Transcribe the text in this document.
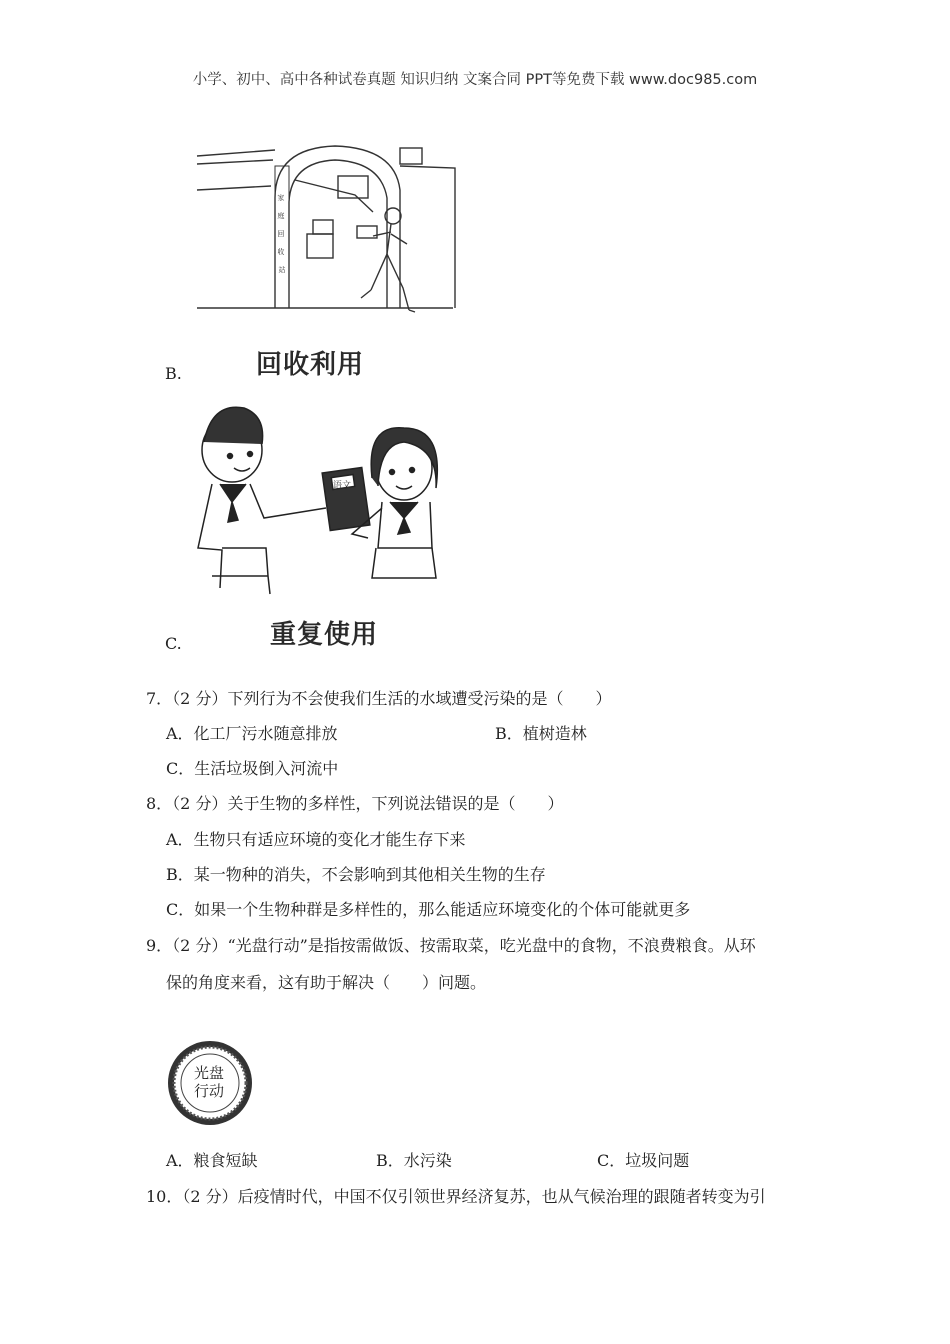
小学、初中、高中各种试卷真题 知识归纳 文案合同 PPT等免费下载 www.doc985.com
家 庭 回 收 站
B.	回收利用
语文
C.	重复使用
7．（2 分）下列行为不会使我们生活的水域遭受污染的是（　　）
A．化工厂污水随意排放	B．植树造林
C．生活垃圾倒入河流中
8．（2 分）关于生物的多样性，下列说法错误的是（　　）
A．生物只有适应环境的变化才能生存下来
B．某一物种的消失，不会影响到其他相关生物的生存
C．如果一个生物种群是多样性的，那么能适应环境变化的个体可能就更多
9．（2 分）“光盘行动”是指按需做饭、按需取菜，吃光盘中的食物，不浪费粮食。从环
保的角度来看，这有助于解决（　　）问题。
光盘
行动
A．粮食短缺	B．水污染	C．垃圾问题
10．（2 分）后疫情时代，中国不仅引领世界经济复苏，也从气候治理的跟随者转变为引
